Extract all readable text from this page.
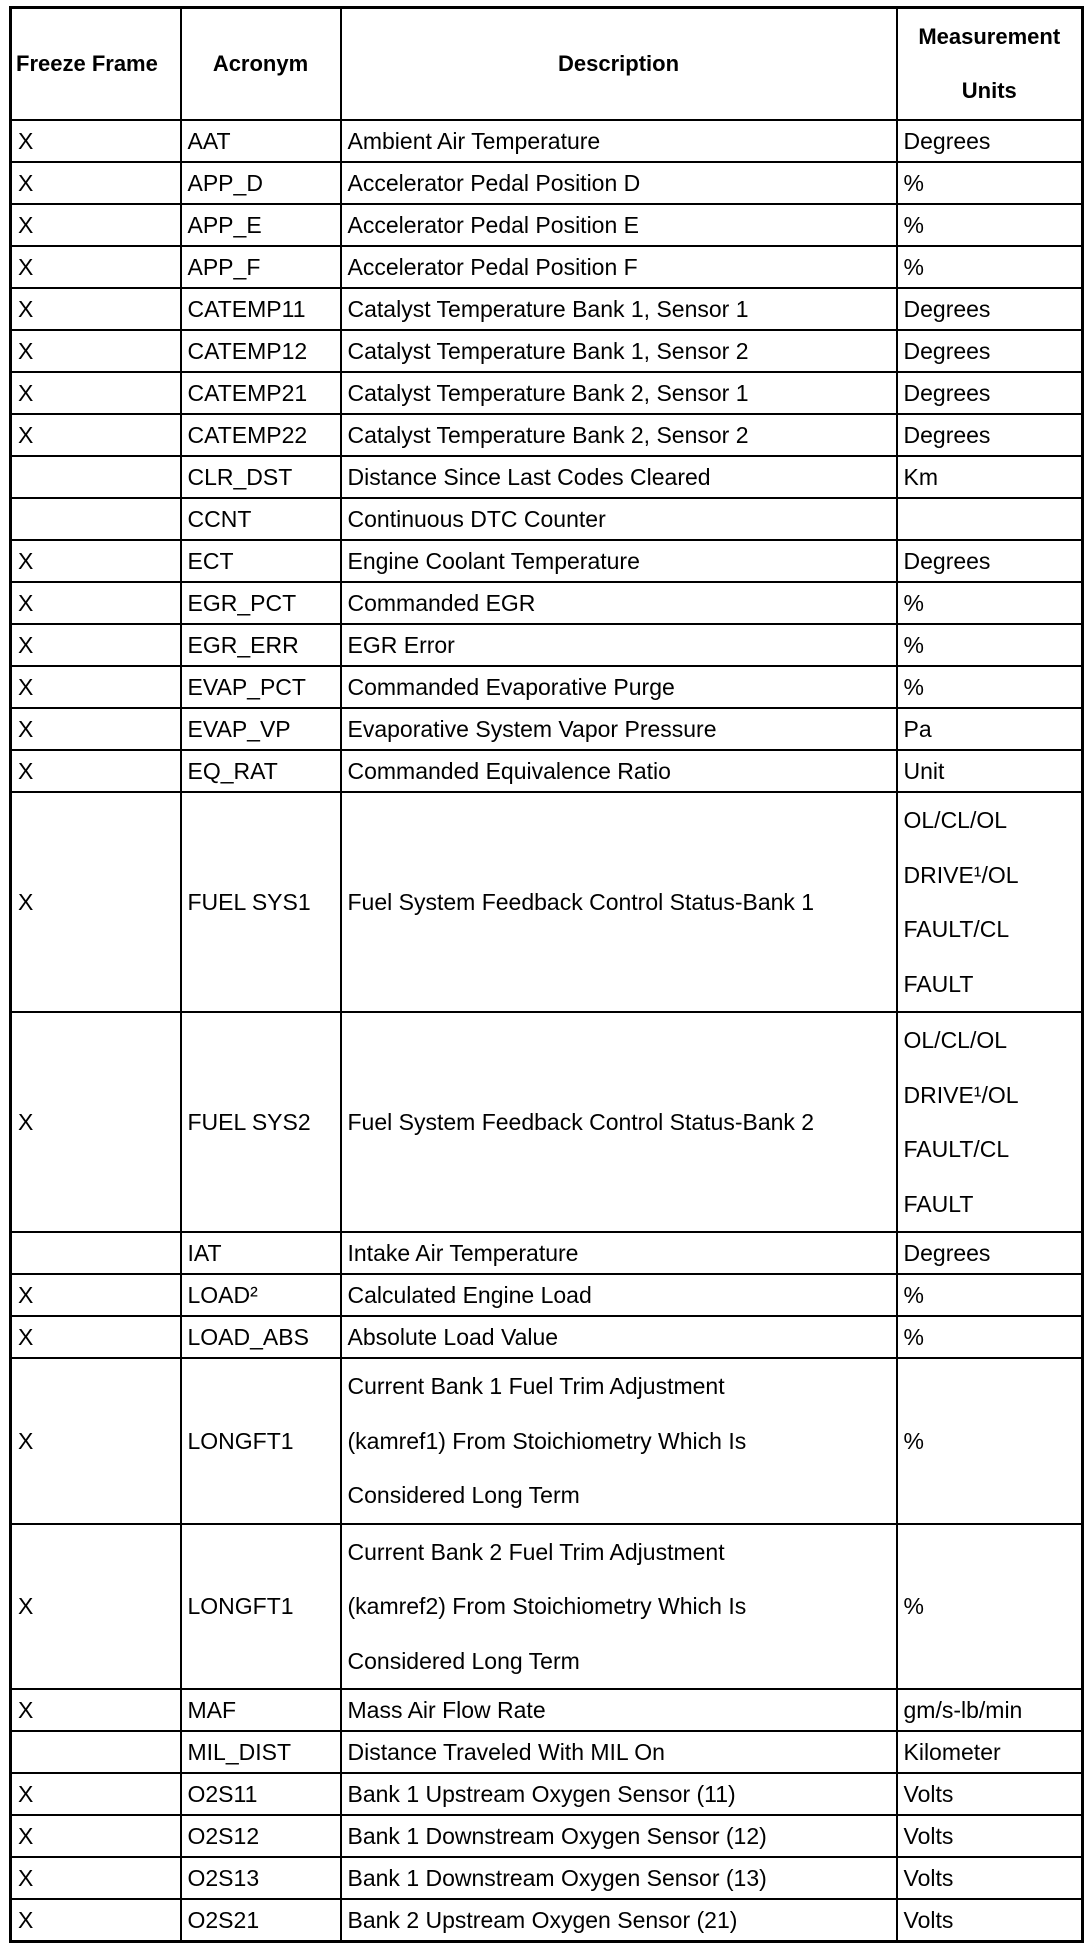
Freeze Frame	Acronym	Description	Measurement
Units

X	AAT	Ambient Air Temperature	Degrees

X	APP_D	Accelerator Pedal Position D	%

X	APP_E	Accelerator Pedal Position E	%

X	APP_F	Accelerator Pedal Position F	%

X	CATEMP11	Catalyst Temperature Bank 1, Sensor 1	Degrees

X	CATEMP12	Catalyst Temperature Bank 1, Sensor 2	Degrees

X	CATEMP21	Catalyst Temperature Bank 2, Sensor 1	Degrees

X	CATEMP22	Catalyst Temperature Bank 2, Sensor 2	Degrees

	CLR_DST	Distance Since Last Codes Cleared	Km

	CCNT	Continuous DTC Counter	

X	ECT	Engine Coolant Temperature	Degrees

X	EGR_PCT	Commanded EGR	%

X	EGR_ERR	EGR Error	%

X	EVAP_PCT	Commanded Evaporative Purge	%

X	EVAP_VP	Evaporative System Vapor Pressure	Pa

X	EQ_RAT	Commanded Equivalence Ratio	Unit

X	FUEL SYS1	Fuel System Feedback Control Status-Bank 1	OL/CL/OL
DRIVE¹/OL
FAULT/CL
FAULT

X	FUEL SYS2	Fuel System Feedback Control Status-Bank 2	OL/CL/OL
DRIVE¹/OL
FAULT/CL
FAULT

	IAT	Intake Air Temperature	Degrees

X	LOAD²	Calculated Engine Load	%

X	LOAD_ABS	Absolute Load Value	%

X	LONGFT1	Current Bank 1 Fuel Trim Adjustment
(kamref1) From Stoichiometry Which Is
Considered Long Term	%

X	LONGFT1	Current Bank 2 Fuel Trim Adjustment
(kamref2) From Stoichiometry Which Is
Considered Long Term	%

X	MAF	Mass Air Flow Rate	gm/s-lb/min

	MIL_DIST	Distance Traveled With MIL On	Kilometer

X	O2S11	Bank 1 Upstream Oxygen Sensor (11)	Volts

X	O2S12	Bank 1 Downstream Oxygen Sensor (12)	Volts

X	O2S13	Bank 1 Downstream Oxygen Sensor (13)	Volts

X	O2S21	Bank 2 Upstream Oxygen Sensor (21)	Volts
